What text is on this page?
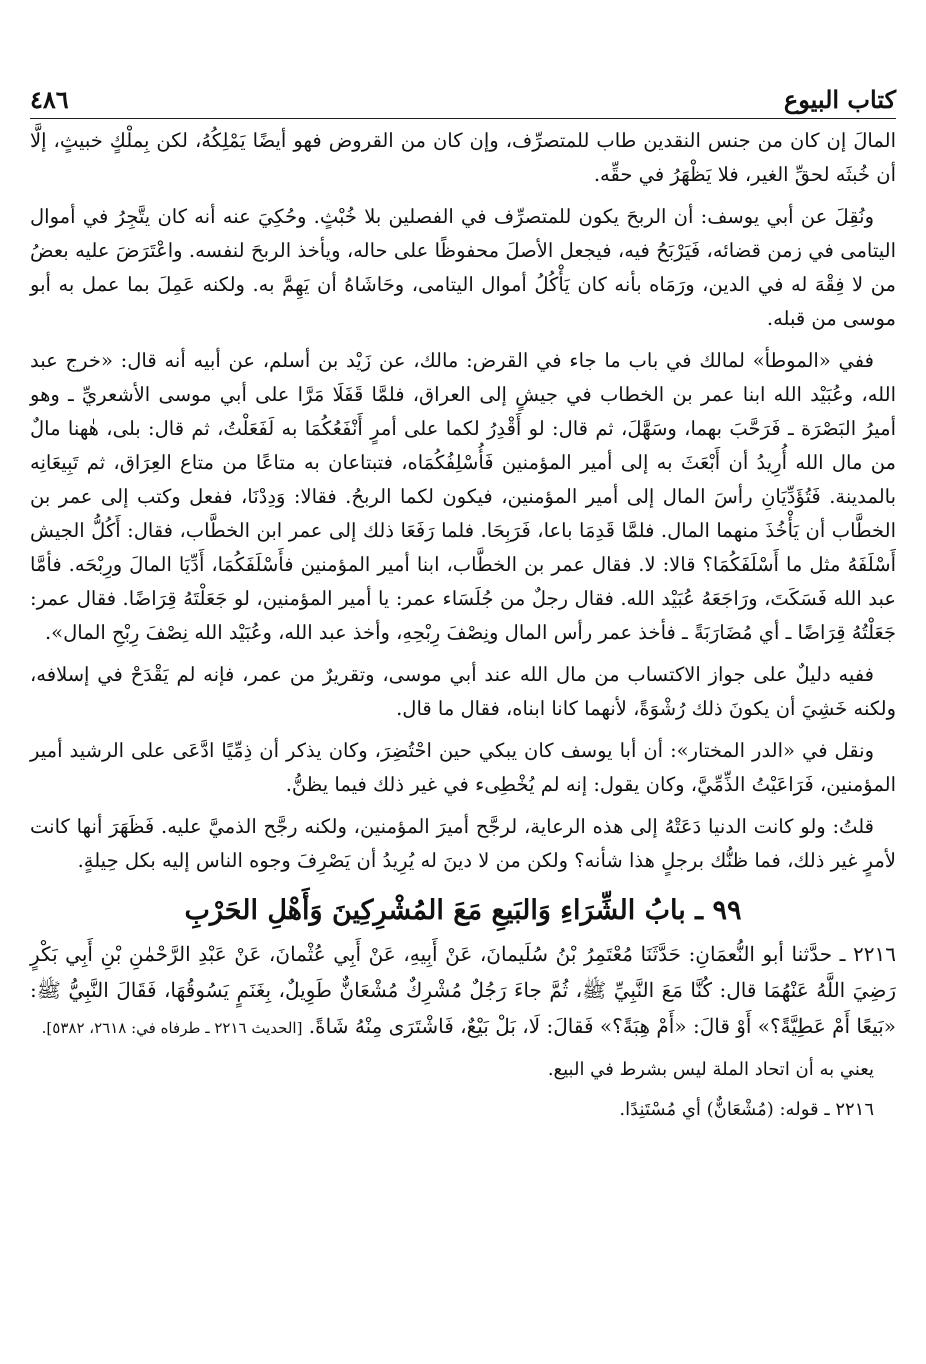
كتاب البيوع
٤٨٦

المالَ إن كان من جنس النقدين طاب للمتصرِّف، وإن كان من القروض فهو أيضًا يَمْلِكُهُ، لكن بِملْكٍ خبيثٍ، إلَّا أن خُبثَه لحقِّ الغير، فلا يَظْهَرُ في حقِّه.

ونُقِلَ عن أبي يوسف: أن الربحَ يكون للمتصرِّف في الفصلين بلا خُبْثٍ. وحُكِيَ عنه أنه كان يتَّجِرُ في أموال اليتامى في زمن قضائه، فَيَرْبَحُ فيه، فيجعل الأصلَ محفوظًا على حاله، ويأخذ الربحَ لنفسه. واعْتَرَضَ عليه بعضُ من لا فِقْهَ له في الدين، ورَمَاه بأنه كان يَأْكُلُ أموال اليتامى، وحَاشَاهُ أن يَهِمَّ به. ولكنه عَمِلَ بما عمل به أبو موسى من قبله.

ففي «الموطأ» لمالك في باب ما جاء في القرض: مالك، عن زَيْد بن أسلم، عن أبيه أنه قال: «خرج عبد الله، وعُبَيْد الله ابنا عمر بن الخطاب في جيشٍ إلى العراق، فلمَّا قَفَلَا مَرَّا على أبي موسى الأشعريِّ ـ وهو أميرُ البَصْرَة ـ فَرَحَّبَ بهما، وسَهَّلَ، ثم قال: لو أَقْدِرُ لكما على أمرٍ أَنْفَعُكُمَا به لَفَعَلْتُ، ثم قال: بلى، هٰهنا مالٌ من مال الله أُرِيدُ أن أَبْعَثَ به إلى أمير المؤمنين فَأُسْلِفُكُمَاه، فتبتاعان به متاعًا من متاع العِرَاق، ثم تَبِيعَانِه بالمدينة. فَتُؤَدِّيَانِ رأسَ المال إلى أمير المؤمنين، فيكون لكما الربحُ. فقالا: وَدِدْنَا، ففعل وكتب إلى عمر بن الخطَّاب أن يَأْخُذَ منهما المال. فلمَّا قَدِمَا باعا، فَرَبِحَا. فلما رَفَعَا ذلك إلى عمر ابن الخطَّاب، فقال: أَكُلُّ الجيش أَسْلَفَهُ مثل ما أَسْلَفَكُمَا؟ قالا: لا. فقال عمر بن الخطَّاب، ابنا أمير المؤمنين فأَسْلَفَكُمَا، أَدِّيَا المالَ ورِبْحَه. فأمَّا عبد الله فَسَكَتَ، ورَاجَعَهُ عُبَيْد الله. فقال رجلٌ من جُلَسَاء عمر: يا أمير المؤمنين، لو جَعَلْتَهُ قِرَاضًا. فقال عمر: جَعَلْتُهُ قِرَاضًا ـ أي مُضَارَبَةً ـ فأخذ عمر رأس المال ونِصْفَ رِبْحِهِ، وأخذ عبد الله، وعُبَيْد الله نِصْفَ رِبْحِ المال».

ففيه دليلٌ على جواز الاكتساب من مال الله عند أبي موسى، وتقريرٌ من عمر، فإنه لم يَقْدَحْ في إسلافه، ولكنه خَشِيَ أن يكونَ ذلك رُشْوَةً، لأنهما كانا ابناه، فقال ما قال.

ونقل في «الدر المختار»: أن أبا يوسف كان يبكي حين احْتُضِرَ، وكان يذكر أن ذِمِّيًا ادَّعَى على الرشيد أمير المؤمنين، فَرَاعَيْتُ الذِّمِّيَّ، وكان يقول: إنه لم يُخْطِىء في غير ذلك فيما يظنُّ.

قلتُ: ولو كانت الدنيا دَعَتْهُ إلى هذه الرعاية، لرجَّح أميرَ المؤمنين، ولكنه رجَّح الذميَّ عليه. فَظَهَرَ أنها كانت لأمرٍ غير ذلك، فما ظنُّك برجلٍ هذا شأنه؟ ولكن من لا دينَ له يُرِيدُ أن يَصْرِفَ وجوه الناس إليه بكل حِيلةٍ.

٩٩ ـ بابُ الشِّرَاءِ وَالبَيعِ مَعَ المُشْرِكِينَ وَأَهْلِ الحَرْبِ

٢٢١٦ ـ حدَّثنا أبو النُّعمَانِ: حَدَّثَنَا مُعْتَمِرُ بْنُ سُلَيمانَ، عَنْ أَبِيهِ، عَنْ أَبِي عُثْمانَ، عَنْ عَبْدِ الرَّحْمٰنِ بْنِ أَبِي بَكْرٍ رَضِيَ اللَّهُ عَنْهُمَا قال: كُنَّا مَعَ النَّبِيِّ ﷺ، ثُمَّ جاءَ رَجُلٌ مُشْرِكٌ مُشْعَانٌّ طَوِيلٌ، بِغَنَمٍ يَسُوقُهَا، فَقَالَ النَّبِيُّ ﷺ: «بَيعًا أَمْ عَطِيَّةً؟» أَوْ قالَ: «أَمْ هِبَةً؟» فَقالَ: لَا، بَلْ بَيْعٌ، فَاشْتَرَى مِنْهُ شَاةً. [الحديث ٢٢١٦ ـ طرفاه في: ٢٦١٨، ٥٣٨٢].

يعني به أن اتحاد الملة ليس بشرط في البيع.

٢٢١٦ ـ قوله: (مُشْعَانٌّ) أي مُسْتَنِدًا.
